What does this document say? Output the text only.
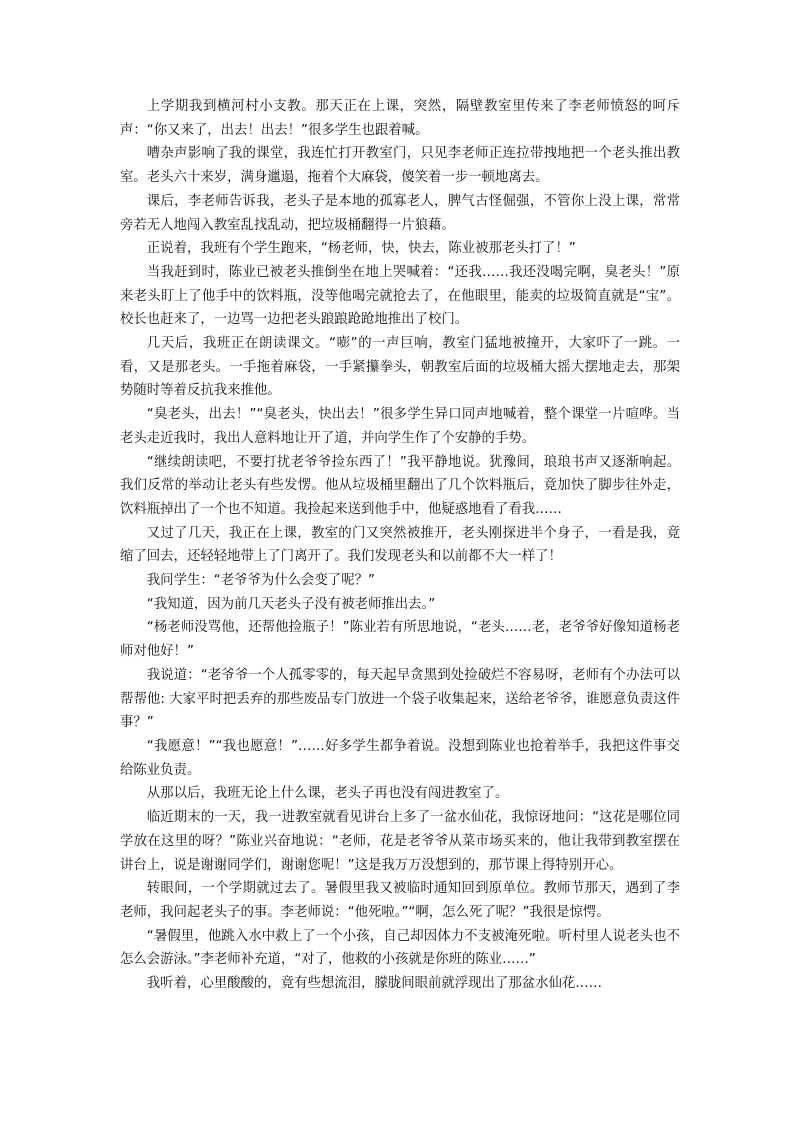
上学期我到横河村小支教。那天正在上课，突然，隔壁教室里传来了李老师愤怒的呵斥声：“你又来了，出去！出去！”很多学生也跟着喊。

嘈杂声影响了我的课堂，我连忙打开教室门，只见李老师正连拉带拽地把一个老头推出教室。老头六十来岁，满身邋遢，拖着个大麻袋，傻笑着一步一顿地离去。

课后，李老师告诉我，老头子是本地的孤寡老人，脾气古怪倔强，不管你上没上课，常常旁若无人地闯入教室乱找乱动，把垃圾桶翻得一片狼藉。

正说着，我班有个学生跑来，“杨老师，快，快去，陈业被那老头打了！”

当我赶到时，陈业已被老头推倒坐在地上哭喊着：“还我……我还没喝完啊，臭老头！”原来老头盯上了他手中的饮料瓶，没等他喝完就抢去了，在他眼里，能卖的垃圾简直就是“宝”。校长也赶来了，一边骂一边把老头踉踉跄跄地推出了校门。

几天后，我班正在朗读课文。“嘭”的一声巨响，教室门猛地被撞开，大家吓了一跳。一看，又是那老头。一手拖着麻袋，一手紧攥拳头，朝教室后面的垃圾桶大摇大摆地走去，那架势随时等着反抗我来推他。

“臭老头，出去！”“臭老头，快出去！”很多学生异口同声地喊着，整个课堂一片喧哗。当老头走近我时，我出人意料地让开了道，并向学生作了个安静的手势。

“继续朗读吧，不要打扰老爷爷捡东西了！”我平静地说。犹豫间，琅琅书声又逐渐响起。我们反常的举动让老头有些发愣。他从垃圾桶里翻出了几个饮料瓶后，竟加快了脚步往外走，饮料瓶掉出了一个也不知道。我捡起来送到他手中，他疑惑地看了看我……

又过了几天，我正在上课，教室的门又突然被推开，老头刚探进半个身子，一看是我，竟缩了回去，还轻轻地带上了门离开了。我们发现老头和以前都不大一样了！

我问学生：“老爷爷为什么会变了呢？”

“我知道，因为前几天老头子没有被老师推出去。”

“杨老师没骂他，还帮他捡瓶子！”陈业若有所思地说，“老头……老，老爷爷好像知道杨老师对他好！”

我说道：“老爷爷一个人孤零零的，每天起早贪黑到处捡破烂不容易呀，老师有个办法可以帮帮他: 大家平时把丢弃的那些废品专门放进一个袋子收集起来，送给老爷爷，谁愿意负责这件事？”

“我愿意！”“我也愿意！”……好多学生都争着说。没想到陈业也抢着举手，我把这件事交给陈业负责。

从那以后，我班无论上什么课，老头子再也没有闯进教室了。

临近期末的一天，我一进教室就看见讲台上多了一盆水仙花，我惊讶地问：“这花是哪位同学放在这里的呀？”陈业兴奋地说：“老师，花是老爷爷从菜市场买来的，他让我带到教室摆在讲台上，说是谢谢同学们，谢谢您呢！”这是我万万没想到的，那节课上得特别开心。

转眼间，一个学期就过去了。暑假里我又被临时通知回到原单位。教师节那天，遇到了李老师，我问起老头子的事。李老师说：“他死啦。”“啊，怎么死了呢？”我很是惊愕。

“暑假里，他跳入水中救上了一个小孩，自己却因体力不支被淹死啦。听村里人说老头也不怎么会游泳。”李老师补充道，“对了，他救的小孩就是你班的陈业……”

我听着，心里酸酸的，竟有些想流泪，朦胧间眼前就浮现出了那盆水仙花……
